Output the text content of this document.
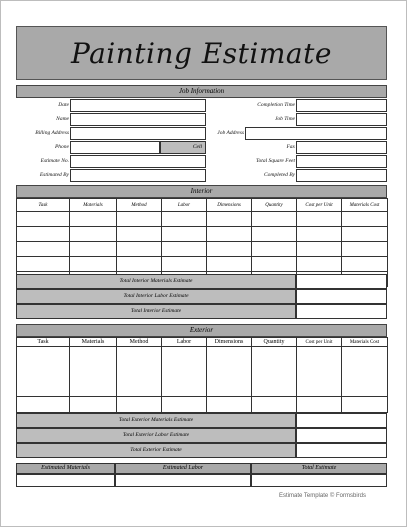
Painting Estimate
Job Information
Date
Name
Billing Address
Phone	Cell
Estimate No.
Estimated By
Completion Time
Job Time
Job Address
Fax
Total Square Feet
Completed By
Interior
Task	Materials	Method	Labor	Dimensions	Quantity	Cost per Unit	Materials Cost

Total Interior Materials Estimate
Total Interior Labor Estimate
Total Interior Estimate
Exterior
Task	Materials	Method	Labor	Dimensions	Quantity	Cost per Unit	Materials Cost

Total Exterior Materials Estimate
Total Exterior Labor Estimate
Total Exterior Estimate
Estimated Materials	Estimated Labor	Total Estimate
Estimate Template © Formsbirds
